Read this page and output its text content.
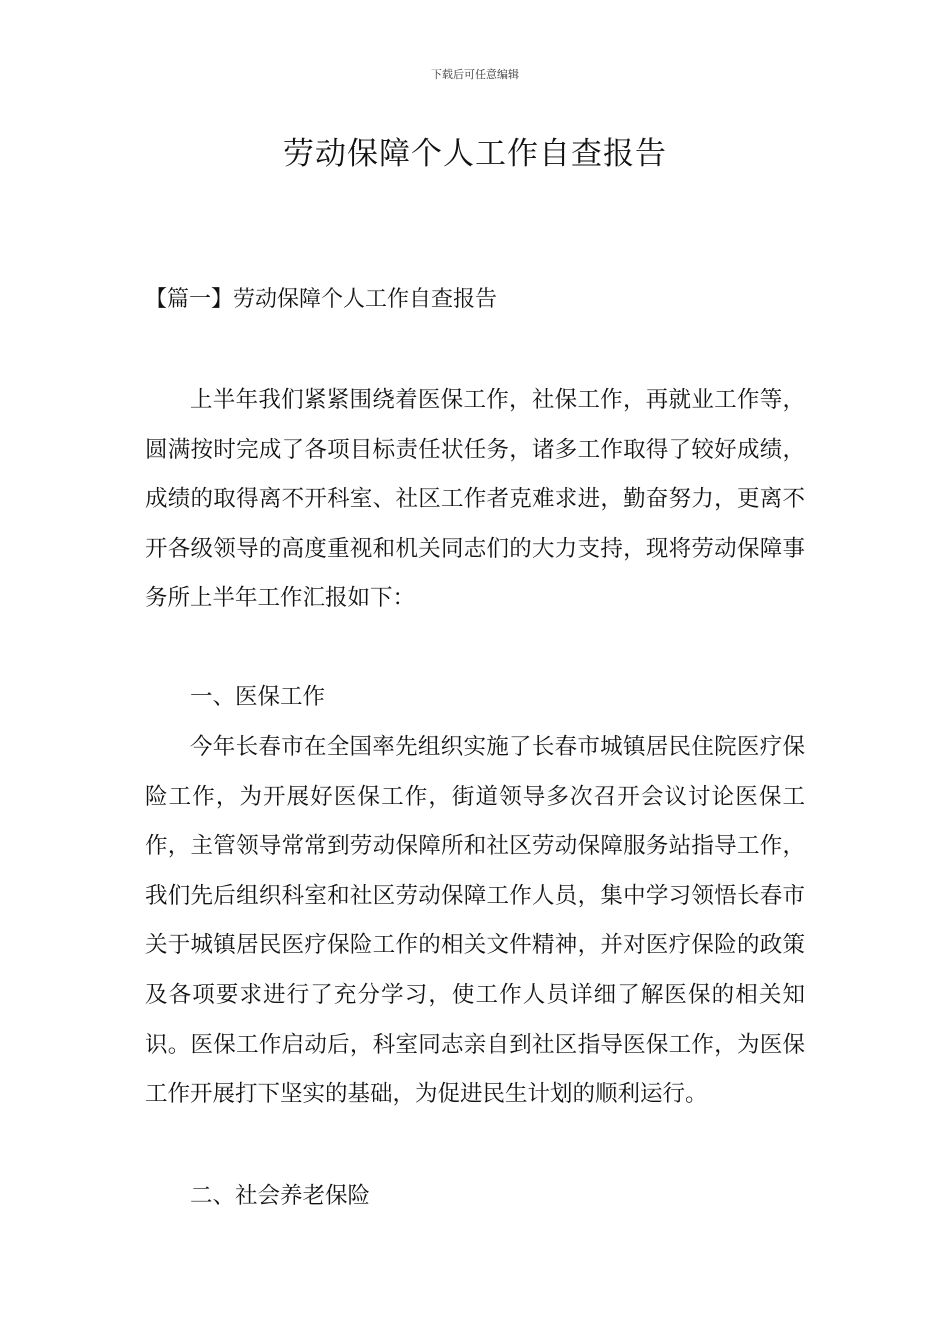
下载后可任意编辑
劳动保障个人工作自查报告
【篇一】劳动保障个人工作自查报告

上半年我们紧紧围绕着医保工作，社保工作，再就业工作等，圆满按时完成了各项目标责任状任务，诸多工作取得了较好成绩，成绩的取得离不开科室、社区工作者克难求进，勤奋努力，更离不开各级领导的高度重视和机关同志们的大力支持，现将劳动保障事务所上半年工作汇报如下：

一、医保工作

今年长春市在全国率先组织实施了长春市城镇居民住院医疗保险工作，为开展好医保工作，街道领导多次召开会议讨论医保工作，主管领导常常到劳动保障所和社区劳动保障服务站指导工作，我们先后组织科室和社区劳动保障工作人员，集中学习领悟长春市关于城镇居民医疗保险工作的相关文件精神，并对医疗保险的政策及各项要求进行了充分学习，使工作人员详细了解医保的相关知识。医保工作启动后，科室同志亲自到社区指导医保工作，为医保工作开展打下坚实的基础，为促进民生计划的顺利运行。

二、社会养老保险
